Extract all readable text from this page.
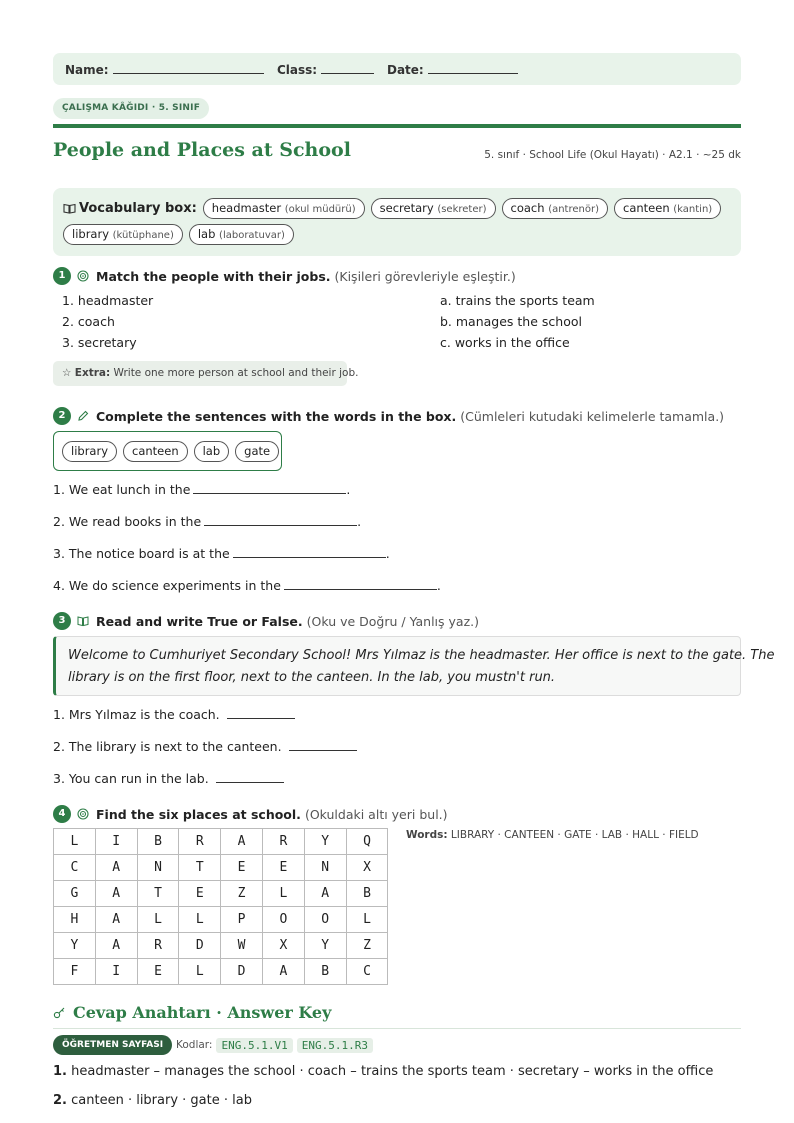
Name:	Class:	Date:
ÇALIŞMA KÂĞIDI · 5. SINIF
People and Places at School	5. sınıf · School Life (Okul Hayatı) · A2.1 · ~25 dk
Vocabulary box:	headmaster (okul müdürü)	secretary (sekreter)	coach (antrenör)	canteen (kantin)
library (kütüphane)	lab (laboratuvar)
1	Match the people with their jobs. (Kişileri görevleriyle eşleştir.)
1. headmaster
2. coach
3. secretary
a. trains the sports team
b. manages the school
c. works in the office
☆ Extra: Write one more person at school and their job.
2	Complete the sentences with the words in the box. (Cümleleri kutudaki kelimelerle tamamla.)
library	canteen	lab	gate
1. We eat lunch in the	.
2. We read books in the	.
3. The notice board is at the	.
4. We do science experiments in the	.
3	Read and write True or False. (Oku ve Doğru / Yanlış yaz.)
Welcome to Cumhuriyet Secondary School! Mrs Yılmaz is the headmaster. Her office is next to the gate. The
library is on the first floor, next to the canteen. In the lab, you mustn't run.
1. Mrs Yılmaz is the coach.
2. The library is next to the canteen.
3. You can run in the lab.
4	Find the six places at school. (Okuldaki altı yeri bul.)
L	I	B	R	A	R	Y	Q
C	A	N	T	E	E	N	X
G	A	T	E	Z	L	A	B
H	A	L	L	P	O	O	L
Y	A	R	D	W	X	Y	Z
F	I	E	L	D	A	B	C
Words: LIBRARY · CANTEEN · GATE · LAB · HALL · FIELD
Cevap Anahtarı · Answer Key
ÖĞRETMEN SAYFASI	Kodlar: ENG.5.1.V1	ENG.5.1.R3
1. headmaster – manages the school · coach – trains the sports team · secretary – works in the office
2. canteen · library · gate · lab
